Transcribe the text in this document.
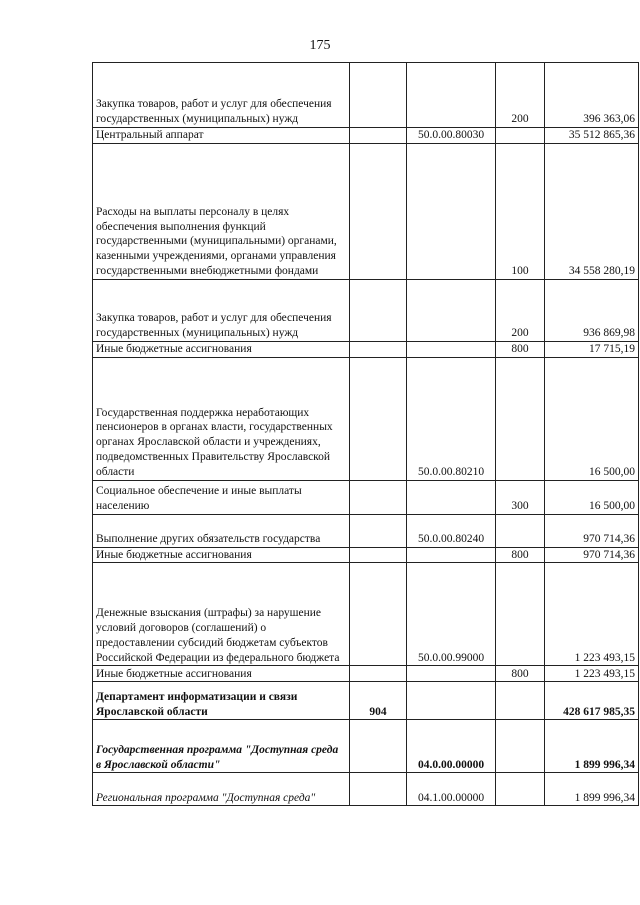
175
Закупка товаров, работ и услуг для обеспечения государственных (муниципальных) нужд			200	396 363,06
Центральный аппарат		50.0.00.80030		35 512 865,36
Расходы на выплаты персоналу в целях обеспечения выполнения функций государственными (муниципальными) органами, казенными учреждениями, органами управления государственными внебюджетными фондами			100	34 558 280,19
Закупка товаров, работ и услуг для обеспечения государственных (муниципальных) нужд			200	936 869,98
Иные бюджетные ассигнования			800	17 715,19
Государственная поддержка неработающих пенсионеров в органах власти, государственных органах Ярославской области и учреждениях, подведомственных Правительству Ярославской области		50.0.00.80210		16 500,00
Социальное обеспечение и иные выплаты населению			300	16 500,00
Выполнение других обязательств государства		50.0.00.80240		970 714,36
Иные бюджетные ассигнования			800	970 714,36
Денежные взыскания (штрафы) за нарушение условий договоров (соглашений) о предоставлении субсидий бюджетам субъектов Российской Федерации из федерального бюджета		50.0.00.99000		1 223 493,15
Иные бюджетные ассигнования			800	1 223 493,15
Департамент информатизации и связи Ярославской области	904			428 617 985,35
Государственная программа "Доступная среда в Ярославской области"		04.0.00.00000		1 899 996,34
Региональная программа "Доступная среда"		04.1.00.00000		1 899 996,34
